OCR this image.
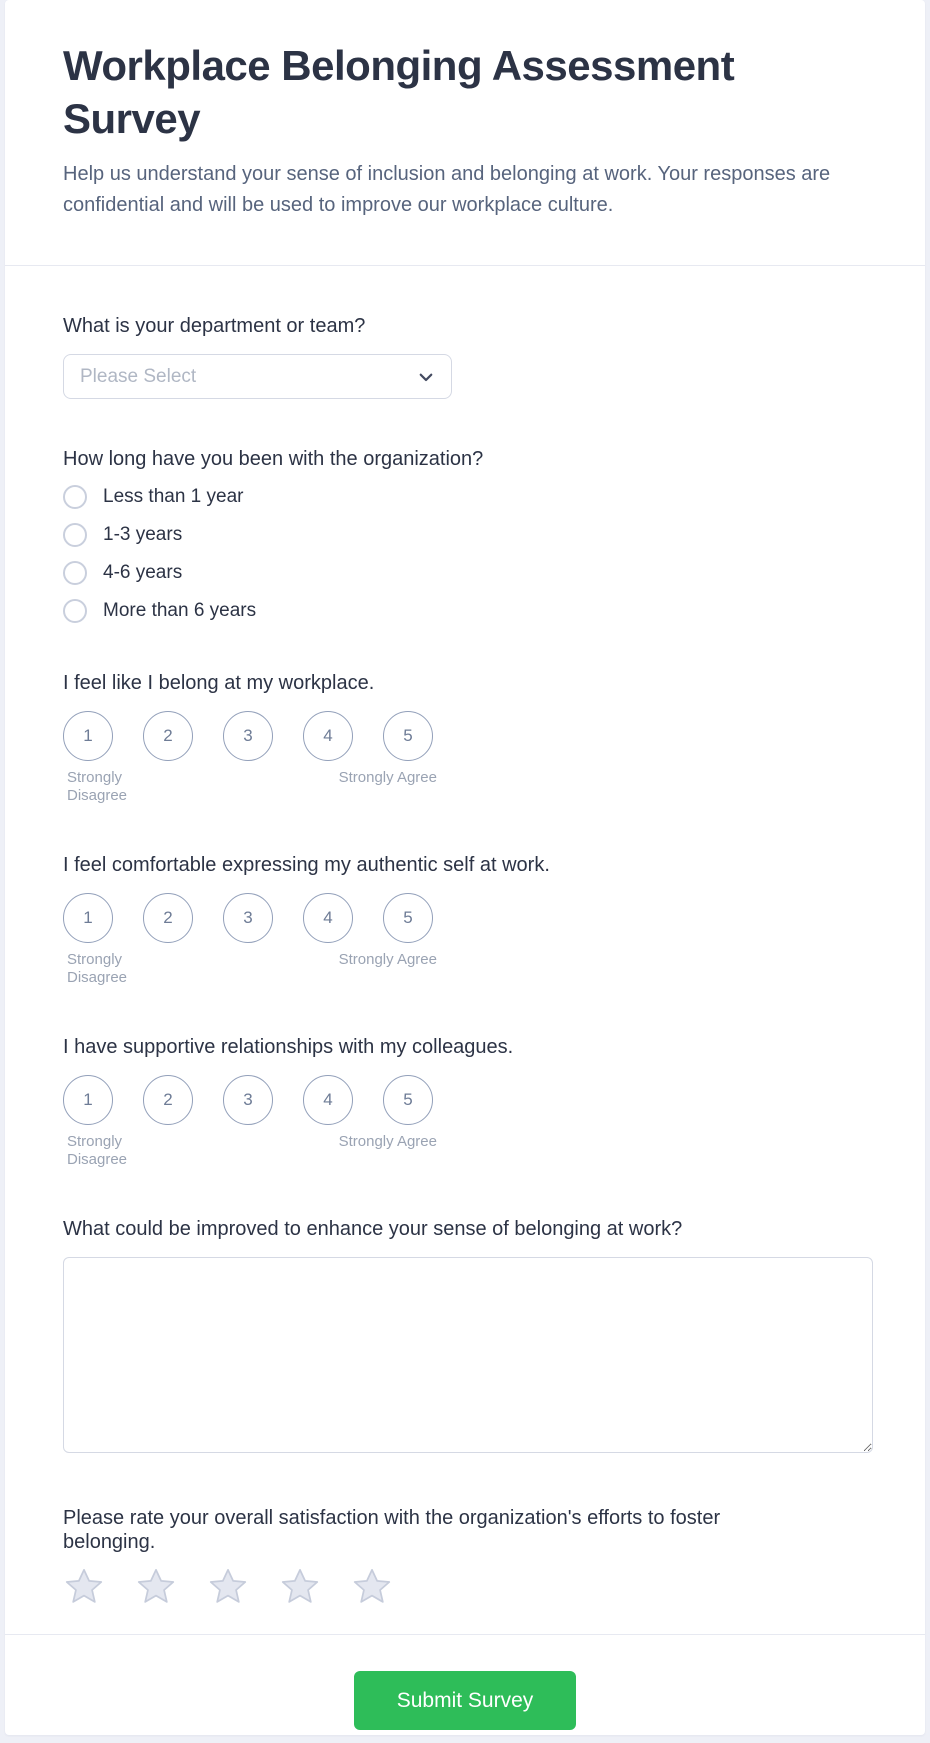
Workplace Belonging Assessment Survey
Help us understand your sense of inclusion and belonging at work. Your responses are confidential and will be used to improve our workplace culture.
What is your department or team?
Please Select
How long have you been with the organization?
Less than 1 year
1-3 years
4-6 years
More than 6 years
I feel like I belong at my workplace.
1	2	3	4	5
Strongly Disagree
Strongly Agree
I feel comfortable expressing my authentic self at work.
1	2	3	4	5
Strongly Disagree
Strongly Agree
I have supportive relationships with my colleagues.
1	2	3	4	5
Strongly Disagree
Strongly Agree
What could be improved to enhance your sense of belonging at work?
Please rate your overall satisfaction with the organization's efforts to foster belonging.
Submit Survey
